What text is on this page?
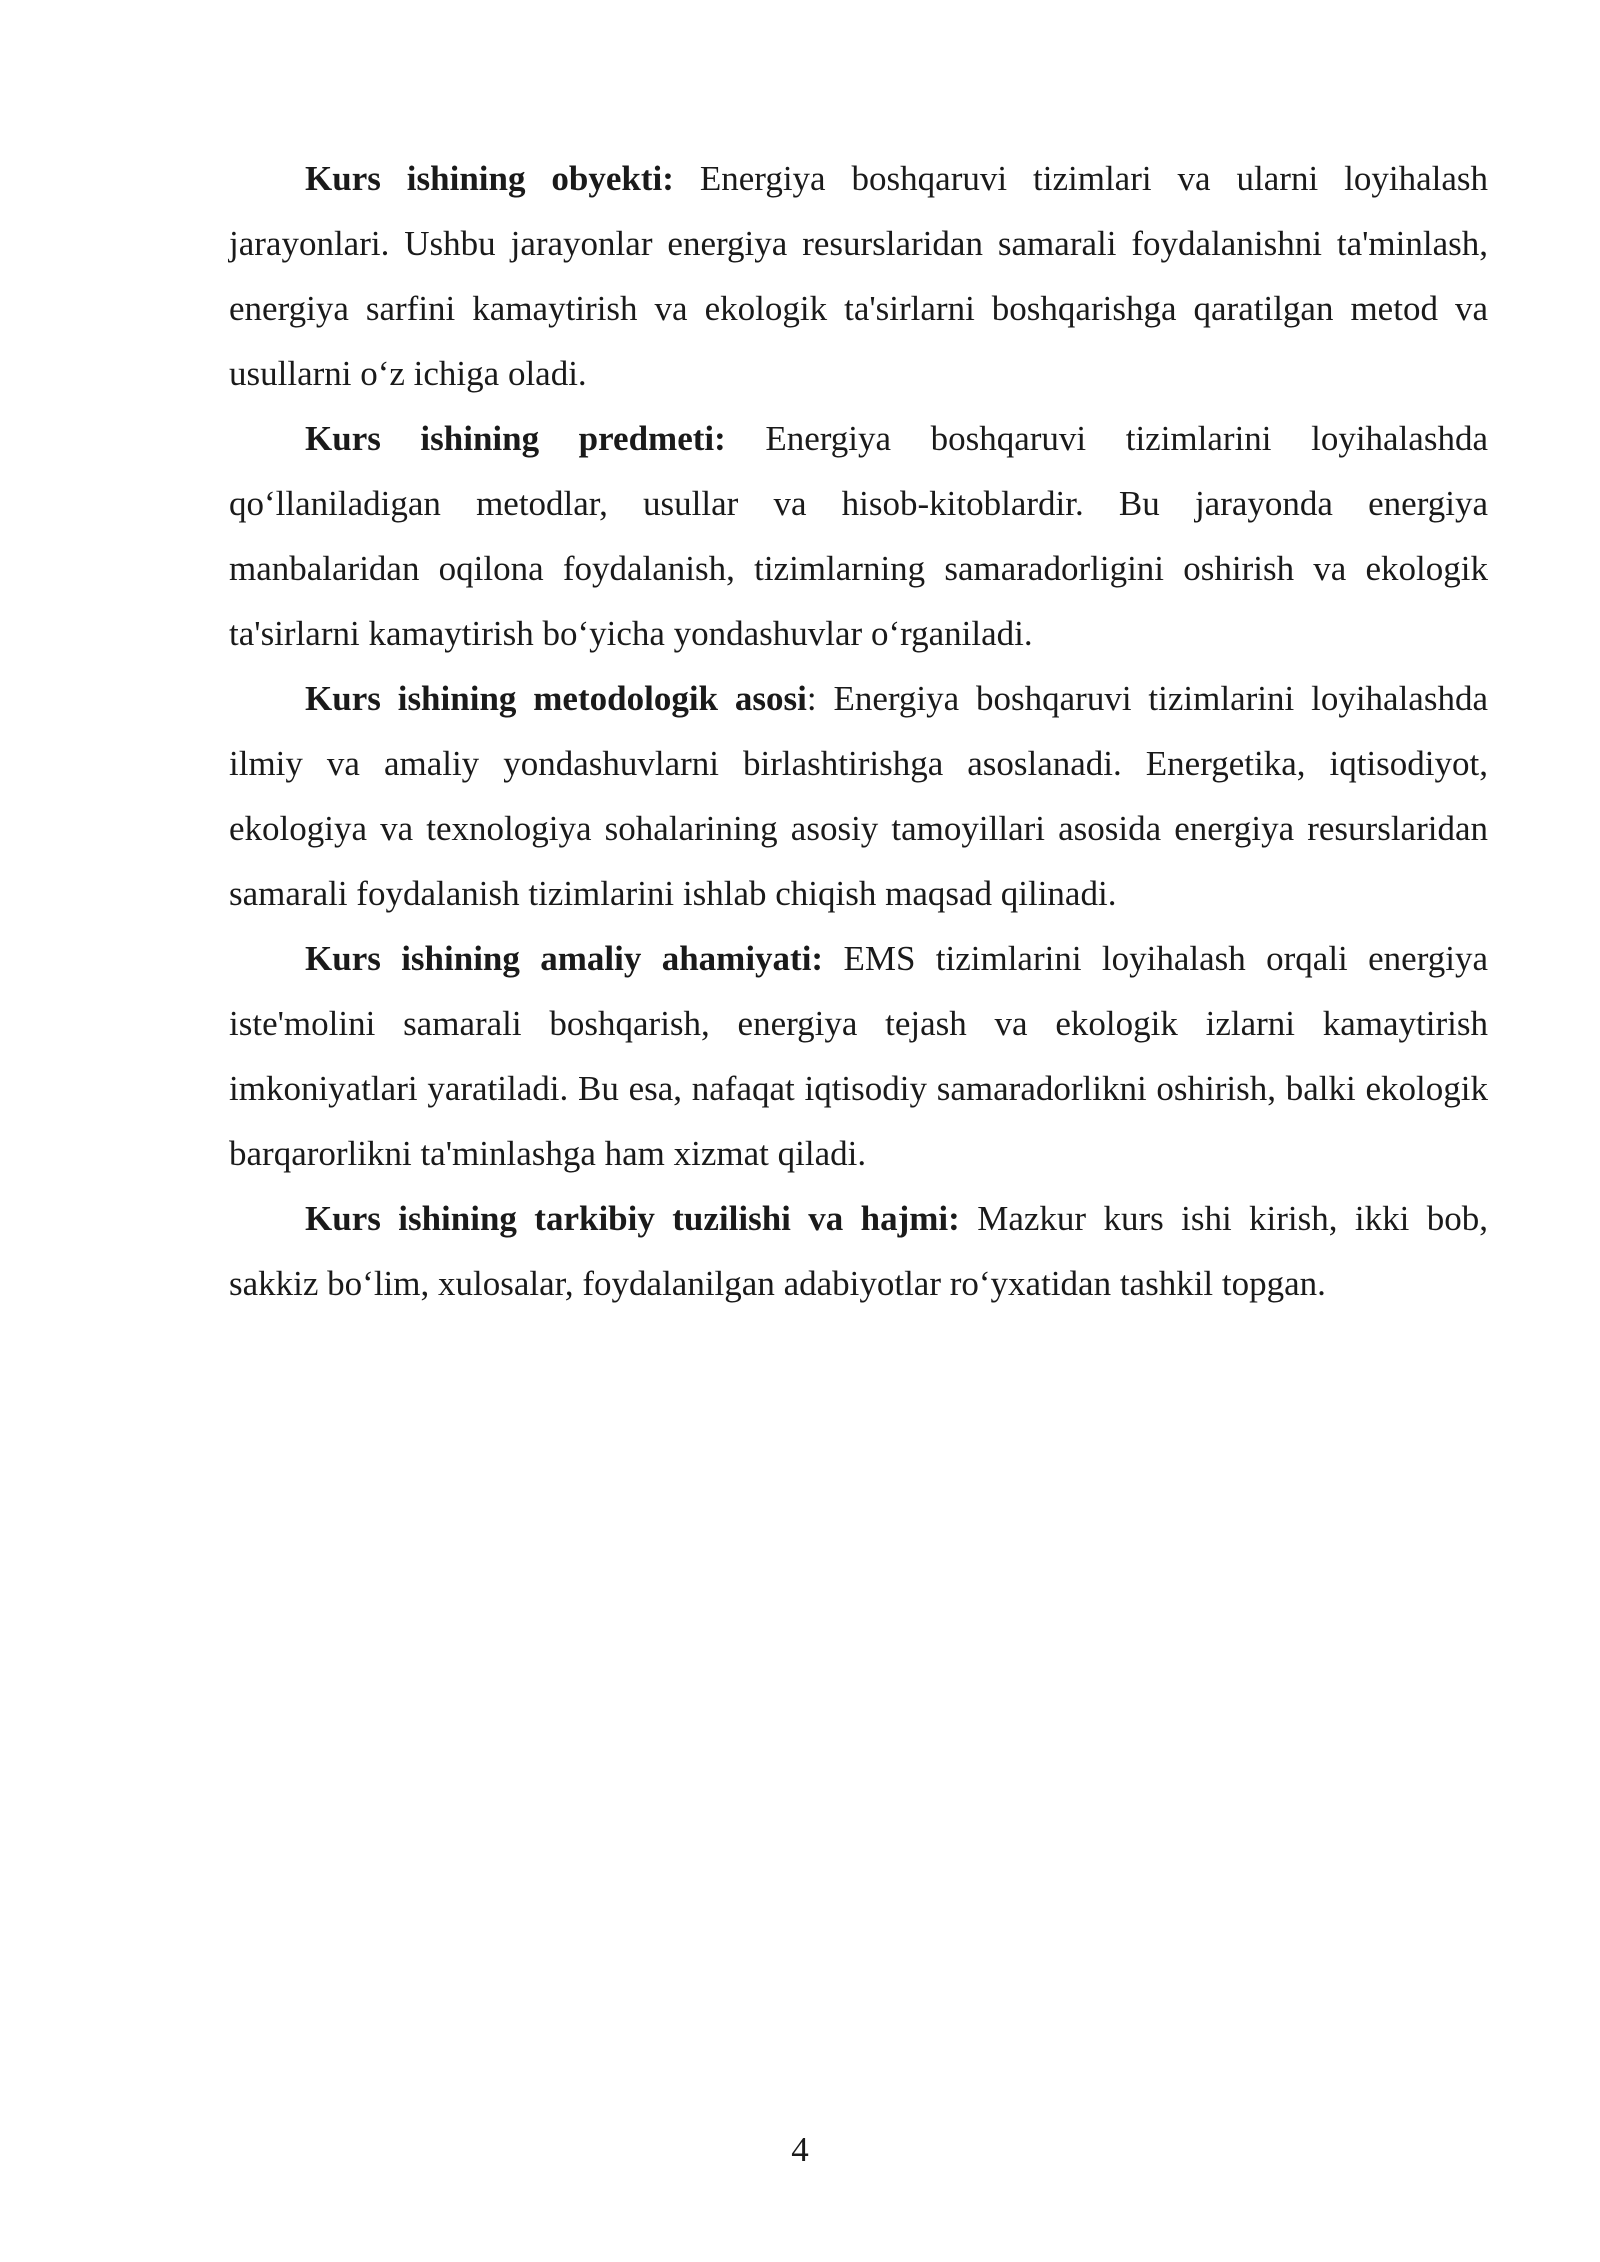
Kurs ishining obyekti: Energiya boshqaruvi tizimlari va ularni loyihalash jarayonlari. Ushbu jarayonlar energiya resurslaridan samarali foydalanishni ta'minlash, energiya sarfini kamaytirish va ekologik ta'sirlarni boshqarishga qaratilgan metod va usullarni o‘z ichiga oladi.

Kurs ishining predmeti: Energiya boshqaruvi tizimlarini loyihalashda qo‘llaniladigan metodlar, usullar va hisob-kitoblardir. Bu jarayonda energiya manbalaridan oqilona foydalanish, tizimlarning samaradorligini oshirish va ekologik ta'sirlarni kamaytirish bo‘yicha yondashuvlar o‘rganiladi.

Kurs ishining metodologik asosi: Energiya boshqaruvi tizimlarini loyihalashda ilmiy va amaliy yondashuvlarni birlashtirishga asoslanadi. Energetika, iqtisodiyot, ekologiya va texnologiya sohalarining asosiy tamoyillari asosida energiya resurslaridan samarali foydalanish tizimlarini ishlab chiqish maqsad qilinadi.

Kurs ishining amaliy ahamiyati: EMS tizimlarini loyihalash orqali energiya iste'molini samarali boshqarish, energiya tejash va ekologik izlarni kamaytirish imkoniyatlari yaratiladi. Bu esa, nafaqat iqtisodiy samaradorlikni oshirish, balki ekologik barqarorlikni ta'minlashga ham xizmat qiladi.

Kurs ishining tarkibiy tuzilishi va hajmi: Mazkur kurs ishi kirish, ikki bob, sakkiz bo‘lim, xulosalar, foydalanilgan adabiyotlar ro‘yxatidan tashkil topgan.

4
